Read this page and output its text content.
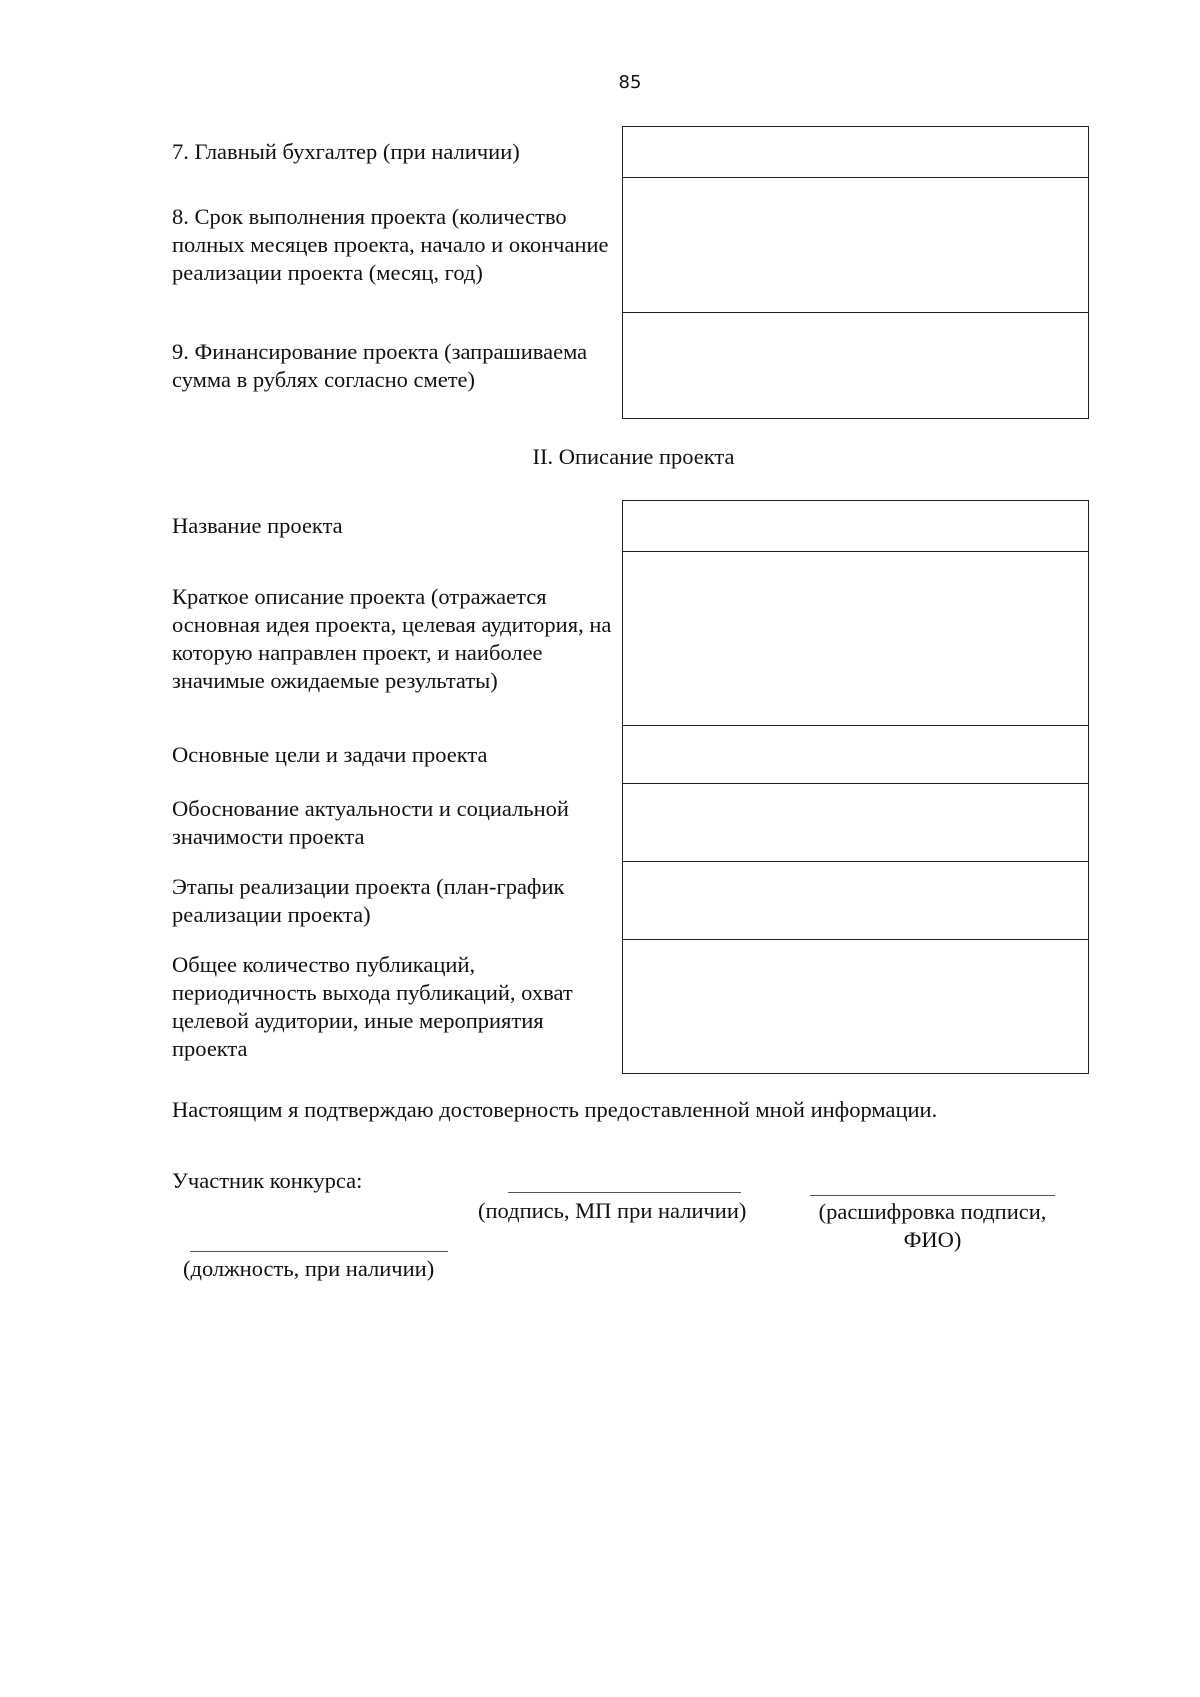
85
7. Главный бухгалтер (при наличии)	
8. Срок выполнения проекта (количество полных месяцев проекта, начало и окончание реализации проекта (месяц, год)	
9. Финансирование проекта (запрашиваема сумма в рублях согласно смете)	
II. Описание проекта
Название проекта	
Краткое описание проекта (отражается основная идея проекта, целевая аудитория, на которую направлен проект, и наиболее значимые ожидаемые результаты)	
Основные цели и задачи проекта	
Обоснование актуальности и социальной значимости проекта	
Этапы реализации проекта (план-график реализации проекта)	
Общее количество публикаций, периодичность выхода публикаций, охват целевой аудитории, иные мероприятия проекта	
Настоящим я подтверждаю достоверность предоставленной мной информации.
Участник конкурса:
(подпись, МП при наличии)	(расшифровка подписи,
ФИО)
(должность, при наличии)
